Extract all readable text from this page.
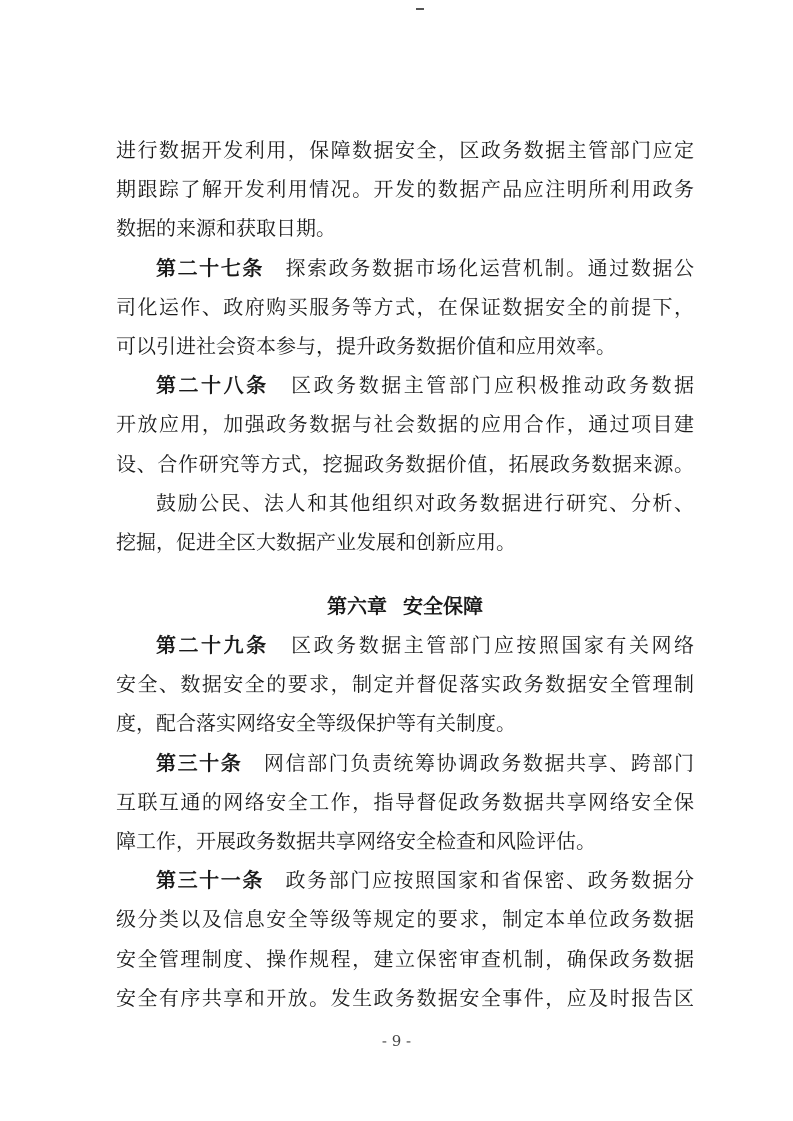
进行数据开发利用，保障数据安全，区政务数据主管部门应定
期跟踪了解开发利用情况。开发的数据产品应注明所利用政务
数据的来源和获取日期。
第二十七条 探索政务数据市场化运营机制。通过数据公
司化运作、政府购买服务等方式，在保证数据安全的前提下，
可以引进社会资本参与，提升政务数据价值和应用效率。
第二十八条 区政务数据主管部门应积极推动政务数据
开放应用，加强政务数据与社会数据的应用合作，通过项目建
设、合作研究等方式，挖掘政务数据价值，拓展政务数据来源。
鼓励公民、法人和其他组织对政务数据进行研究、分析、
挖掘，促进全区大数据产业发展和创新应用。
第六章 安全保障
第二十九条 区政务数据主管部门应按照国家有关网络
安全、数据安全的要求，制定并督促落实政务数据安全管理制
度，配合落实网络安全等级保护等有关制度。
第三十条 网信部门负责统筹协调政务数据共享、跨部门
互联互通的网络安全工作，指导督促政务数据共享网络安全保
障工作，开展政务数据共享网络安全检查和风险评估。
第三十一条 政务部门应按照国家和省保密、政务数据分
级分类以及信息安全等级等规定的要求，制定本单位政务数据
安全管理制度、操作规程，建立保密审查机制，确保政务数据
安全有序共享和开放。发生政务数据安全事件，应及时报告区
- 9 -
